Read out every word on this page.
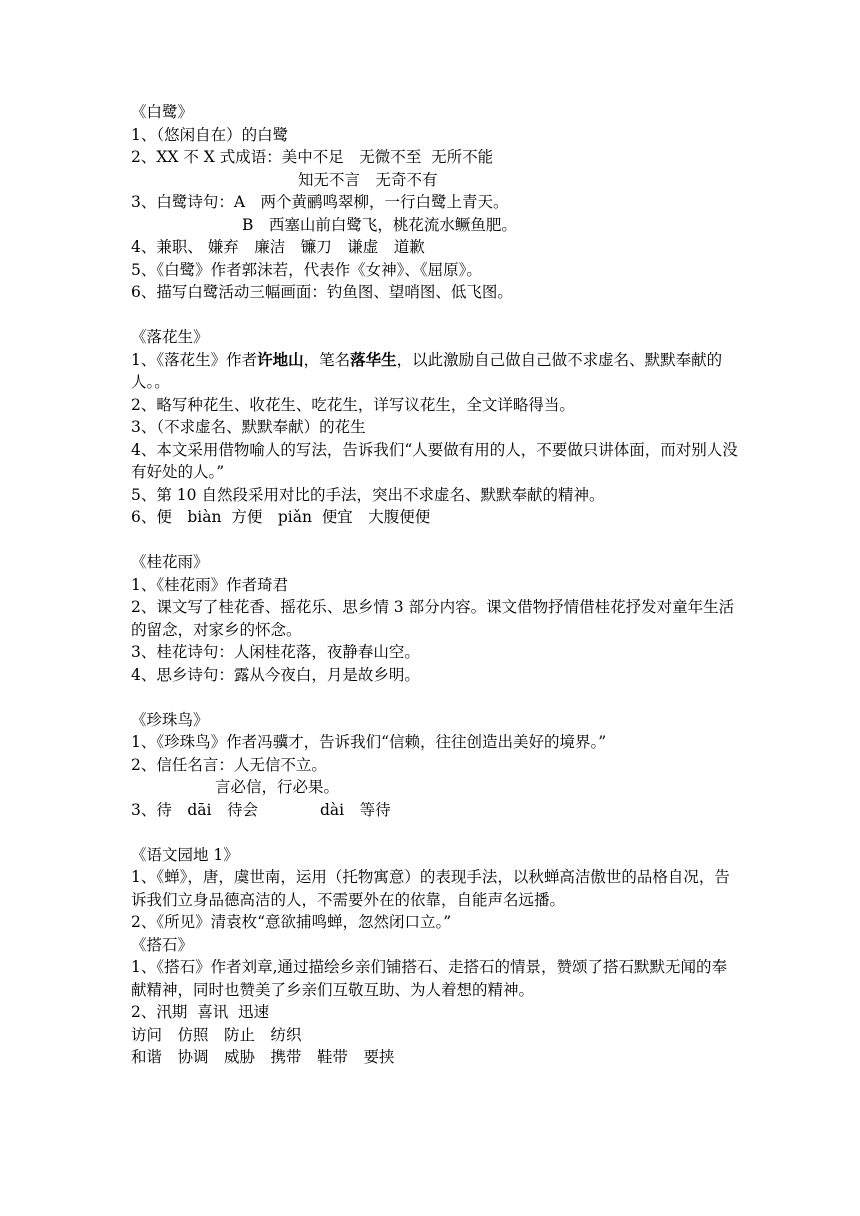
《白鹭》
1、（悠闲自在）的白鹭
2、XX 不 X 式成语：美中不足　无微不至  无所不能
知无不言　无奇不有
3、白鹭诗句：A　两个黄鹂鸣翠柳，一行白鹭上青天。
B　西塞山前白鹭飞，桃花流水鳜鱼肥。
4、兼职、 嫌弃　廉洁　镰刀　谦虚　道歉
5、《白鹭》作者郭沫若，代表作《女神》、《屈原》。
6、描写白鹭活动三幅画面：钓鱼图、望哨图、低飞图。
《落花生》
1、《落花生》作者许地山，笔名落华生，以此激励自己做自己做不求虚名、默默奉献的人。。
2、略写种花生、收花生、吃花生，详写议花生，全文详略得当。
3、（不求虚名、默默奉献）的花生
4、本文采用借物喻人的写法，告诉我们“人要做有用的人，不要做只讲体面，而对别人没有好处的人。”
5、第 10 自然段采用对比的手法，突出不求虚名、默默奉献的精神。
6、便　biàn  方便　piǎn  便宜　大腹便便
《桂花雨》
1、《桂花雨》作者琦君
2、课文写了桂花香、摇花乐、思乡情 3 部分内容。课文借物抒情借桂花抒发对童年生活的留念，对家乡的怀念。
3、桂花诗句：人闲桂花落，夜静春山空。
4、思乡诗句：露从今夜白，月是故乡明。
《珍珠鸟》
1、《珍珠鸟》作者冯骥才，告诉我们“信赖，往往创造出美好的境界。”
2、信任名言：人无信不立。
言必信，行必果。
3、待　dāi　待会　　　　dài　等待
《语文园地 1》
1、《蝉》，唐，虞世南，运用（托物寓意）的表现手法，以秋蝉高洁傲世的品格自况，告诉我们立身品德高洁的人，不需要外在的依靠，自能声名远播。
2、《所见》清袁枚“意欲捕鸣蝉，忽然闭口立。”
《搭石》
1、《搭石》作者刘章,通过描绘乡亲们铺搭石、走搭石的情景，赞颂了搭石默默无闻的奉献精神，同时也赞美了乡亲们互敬互助、为人着想的精神。
2、汛期  喜讯  迅速
访问　仿照　防止　纺织
和谐　协调　威胁　携带　鞋带　要挟
